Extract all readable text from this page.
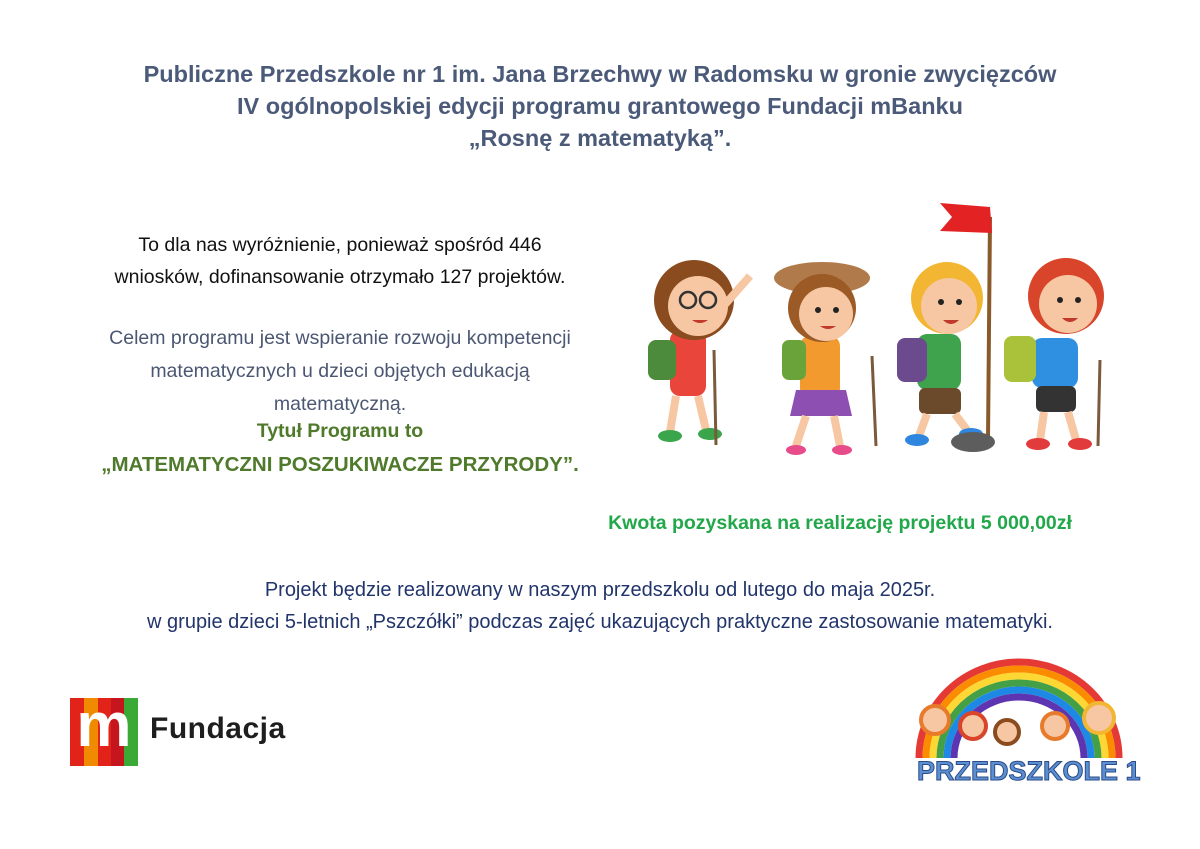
Publiczne Przedszkole nr 1 im. Jana Brzechwy w Radomsku w gronie zwycięzców
IV ogólnopolskiej edycji programu grantowego Fundacji mBanku
„Rosnę z matematyką”.
To dla nas wyróżnienie, ponieważ spośród 446
wniosków, dofinansowanie otrzymało 127 projektów.
Celem programu jest wspieranie rozwoju kompetencji
matematycznych u dzieci objętych edukacją
matematyczną.
Tytuł Programu to
„MATEMATYCZNI POSZUKIWACZE PRZYRODY”.
Kwota pozyskana na realizację projektu 5 000,00zł
Projekt będzie realizowany w naszym przedszkolu od lutego do maja 2025r.
w grupie dzieci 5-letnich „Pszczółki” podczas zajęć ukazujących praktyczne zastosowanie matematyki.
m Fundacja
PRZEDSZKOLE 1
